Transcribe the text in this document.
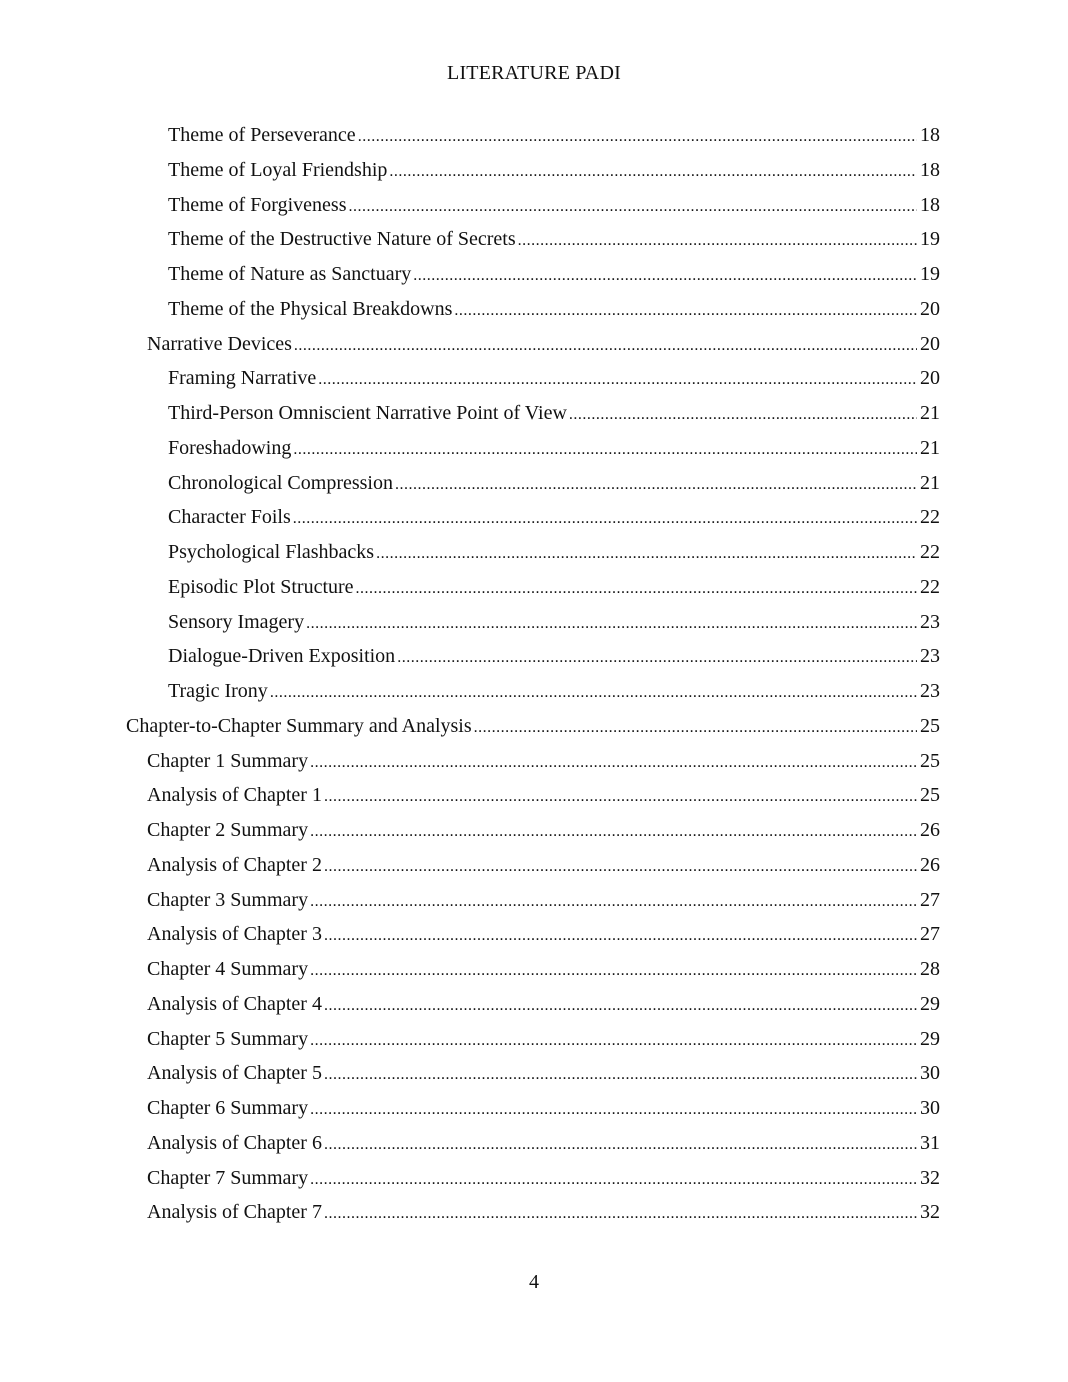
LITERATURE PADI
Theme of Perseverance .....	18
Theme of Loyal Friendship .....	18
Theme of Forgiveness .....	18
Theme of the Destructive Nature of Secrets .....	19
Theme of Nature as Sanctuary .....	19
Theme of the Physical Breakdowns .....	20
Narrative Devices .....	20
Framing Narrative .....	20
Third-Person Omniscient Narrative Point of View .....	21
Foreshadowing .....	21
Chronological Compression .....	21
Character Foils .....	22
Psychological Flashbacks .....	22
Episodic Plot Structure .....	22
Sensory Imagery .....	23
Dialogue-Driven Exposition .....	23
Tragic Irony .....	23
Chapter-to-Chapter Summary and Analysis .....	25
Chapter 1 Summary .....	25
Analysis of Chapter 1 .....	25
Chapter 2 Summary .....	26
Analysis of Chapter 2 .....	26
Chapter 3 Summary .....	27
Analysis of Chapter 3 .....	27
Chapter 4 Summary .....	28
Analysis of Chapter 4 .....	29
Chapter 5 Summary .....	29
Analysis of Chapter 5 .....	30
Chapter 6 Summary .....	30
Analysis of Chapter 6 .....	31
Chapter 7 Summary .....	32
Analysis of Chapter 7 .....	32
4
